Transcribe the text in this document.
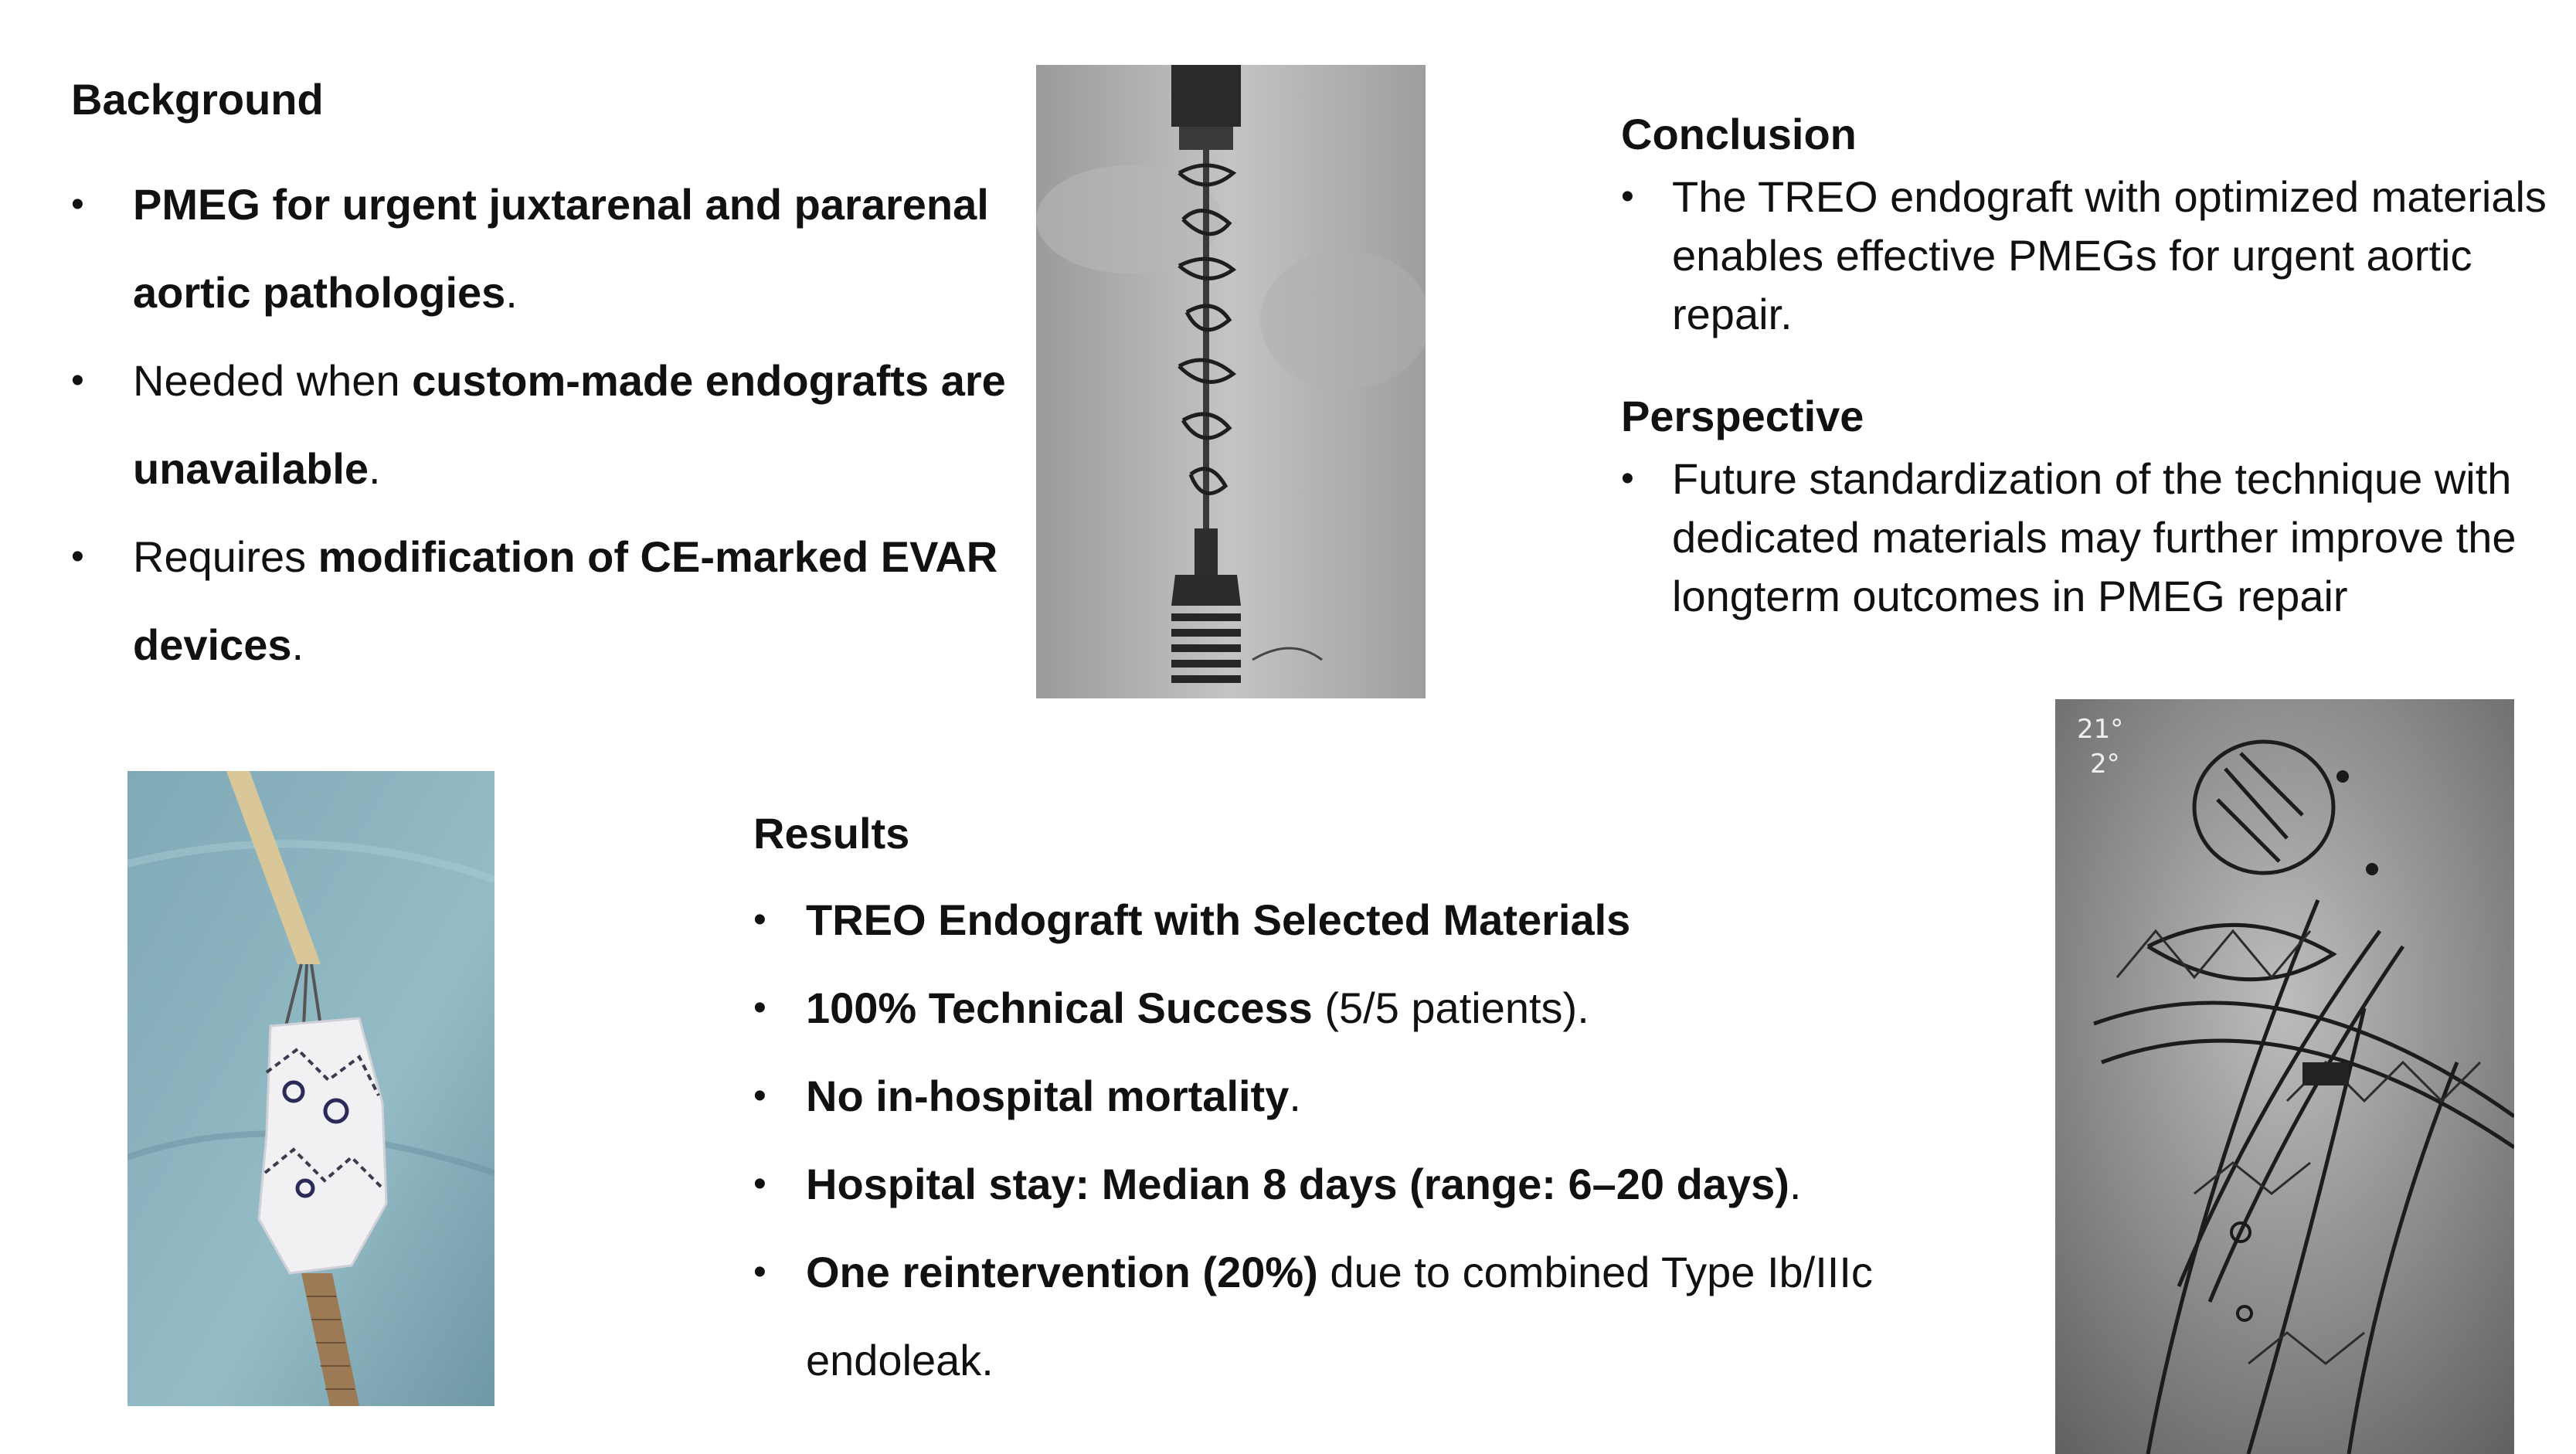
Background
• PMEG for urgent juxtarenal and pararenal aortic pathologies.
• Needed when custom-made endografts are unavailable.
• Requires modification of CE-marked EVAR devices.
Conclusion
• The TREO endograft with optimized materials enables effective PMEGs for urgent aortic repair.
Perspective
• Future standardization of the technique with dedicated materials may further improve the longterm outcomes in PMEG repair
Results
• TREO Endograft with Selected Materials
• 100% Technical Success (5/5 patients).
• No in-hospital mortality.
• Hospital stay: Median 8 days (range: 6–20 days).
• One reintervention (20%) due to combined Type Ib/IIIc endoleak.
21°
2°
